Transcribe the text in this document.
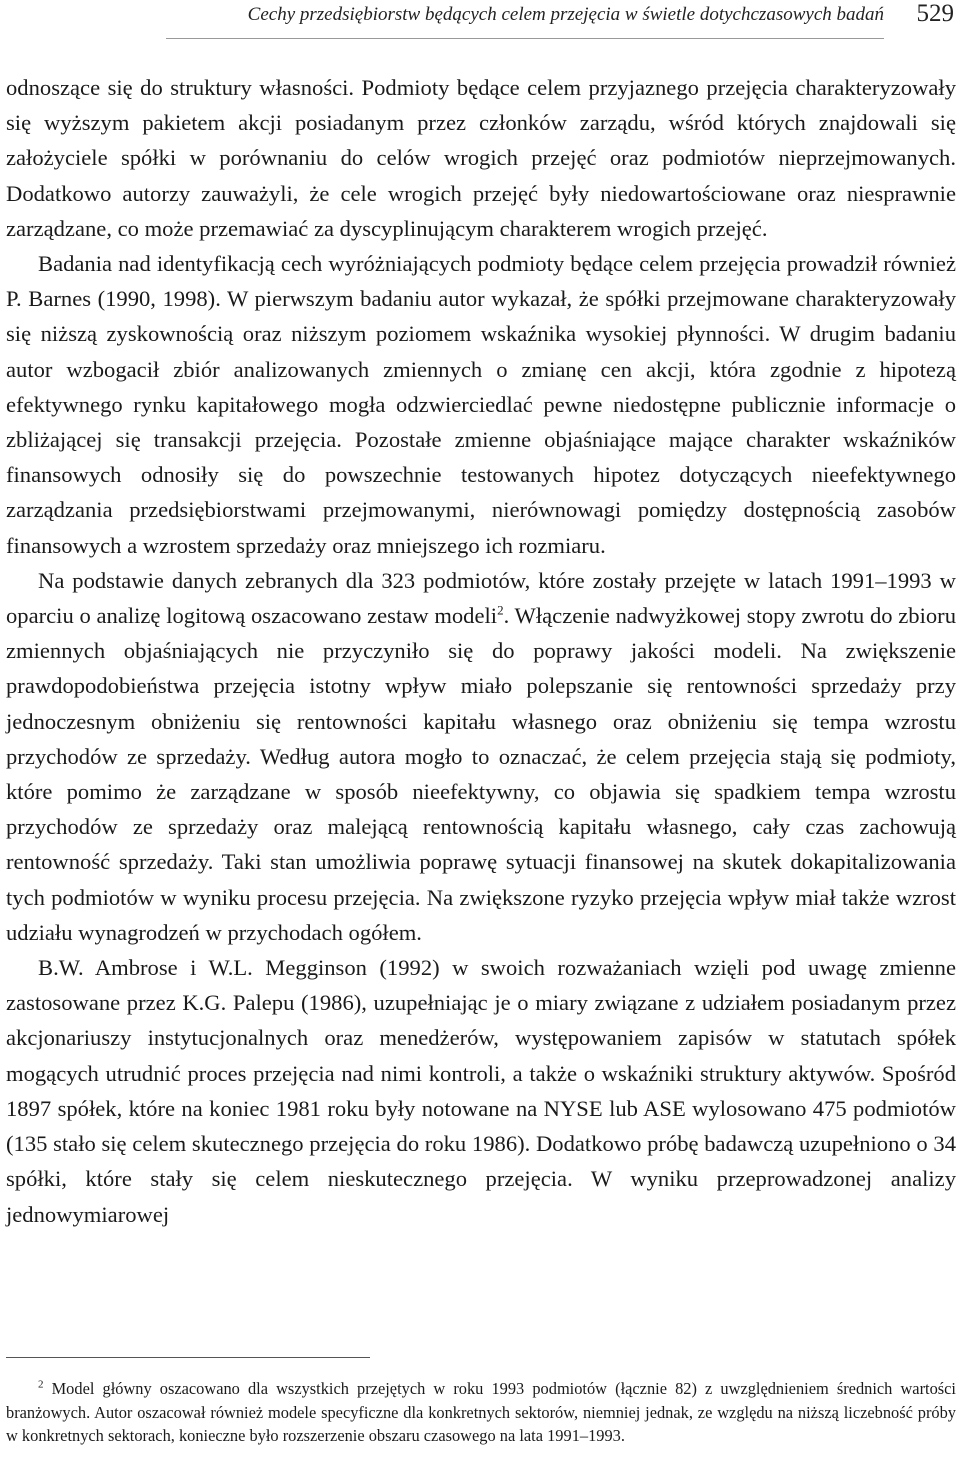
Cechy przedsiębiorstw będących celem przejęcia w świetle dotychczasowych badań 529

odnoszące się do struktury własności. Podmioty będące celem przyjaznego przejęcia charakteryzowały się wyższym pakietem akcji posiadanym przez członków zarządu, wśród których znajdowali się założyciele spółki w porównaniu do celów wrogich przejęć oraz podmiotów nieprzejmowanych. Dodatkowo autorzy zauważyli, że cele wrogich przejęć były niedowartościowane oraz niesprawnie zarządzane, co może przemawiać za dyscyplinującym charakterem wrogich przejęć.

Badania nad identyfikacją cech wyróżniających podmioty będące celem przejęcia prowadził również P. Barnes (1990, 1998). W pierwszym badaniu autor wykazał, że spółki przejmowane charakteryzowały się niższą zyskownością oraz niższym poziomem wskaźnika wysokiej płynności. W drugim badaniu autor wzbogacił zbiór analizowanych zmiennych o zmianę cen akcji, która zgodnie z hipotezą efektywnego rynku kapitałowego mogła odzwierciedlać pewne niedostępne publicznie informacje o zbliżającej się transakcji przejęcia. Pozostałe zmienne objaśniające mające charakter wskaźników finansowych odnosiły się do powszechnie testowanych hipotez dotyczących nieefektywnego zarządzania przedsiębiorstwami przejmowanymi, nierównowagi pomiędzy dostępnością zasobów finansowych a wzrostem sprzedaży oraz mniejszego ich rozmiaru.

Na podstawie danych zebranych dla 323 podmiotów, które zostały przejęte w latach 1991–1993 w oparciu o analizę logitową oszacowano zestaw modeli$^2$. Włączenie nadwyżkowej stopy zwrotu do zbioru zmiennych objaśniających nie przyczyniło się do poprawy jakości modeli. Na zwiększenie prawdopodobieństwa przejęcia istotny wpływ miało polepszanie się rentowności sprzedaży przy jednoczesnym obniżeniu się rentowności kapitału własnego oraz obniżeniu się tempa wzrostu przychodów ze sprzedaży. Według autora mogło to oznaczać, że celem przejęcia stają się podmioty, które pomimo że zarządzane w sposób nieefektywny, co objawia się spadkiem tempa wzrostu przychodów ze sprzedaży oraz malejącą rentownością kapitału własnego, cały czas zachowują rentowność sprzedaży. Taki stan umożliwia poprawę sytuacji finansowej na skutek dokapitalizowania tych podmiotów w wyniku procesu przejęcia. Na zwiększone ryzyko przejęcia wpływ miał także wzrost udziału wynagrodzeń w przychodach ogółem.

B.W. Ambrose i W.L. Megginson (1992) w swoich rozważaniach wzięli pod uwagę zmienne zastosowane przez K.G. Palepu (1986), uzupełniając je o miary związane z udziałem posiadanym przez akcjonariuszy instytucjonalnych oraz menedżerów, występowaniem zapisów w statutach spółek mogących utrudnić proces przejęcia nad nimi kontroli, a także o wskaźniki struktury aktywów. Spośród 1897 spółek, które na koniec 1981 roku były notowane na NYSE lub ASE wylosowano 475 podmiotów (135 stało się celem skutecznego przejęcia do roku 1986). Dodatkowo próbę badawczą uzupełniono o 34 spółki, które stały się celem nieskutecznego przejęcia. W wyniku przeprowadzonej analizy jednowymiarowej

$^2$ Model główny oszacowano dla wszystkich przejętych w roku 1993 podmiotów (łącznie 82) z uwzględnieniem średnich wartości branżowych. Autor oszacował również modele specyficzne dla konkretnych sektorów, niemniej jednak, ze względu na niższą liczebność próby w konkretnych sektorach, konieczne było rozszerzenie obszaru czasowego na lata 1991–1993.
